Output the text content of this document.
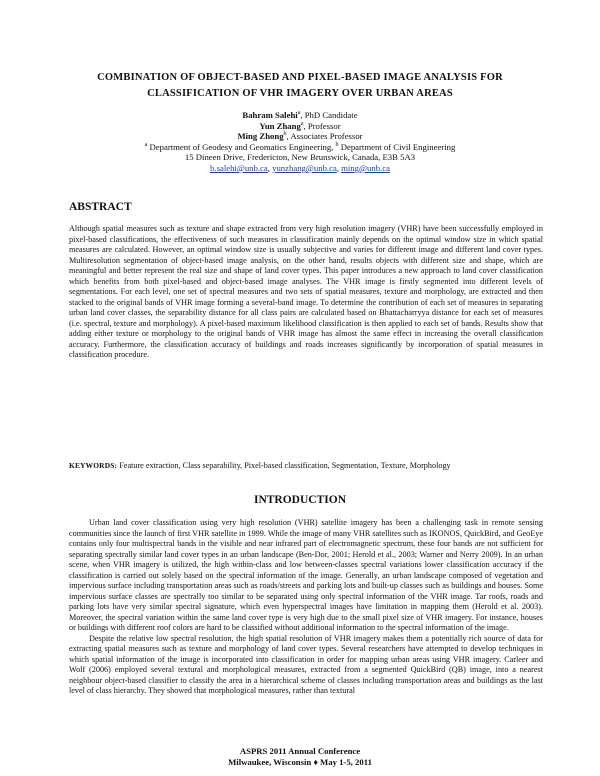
COMBINATION OF OBJECT-BASED AND PIXEL-BASED IMAGE ANALYSIS FOR
CLASSIFICATION OF VHR IMAGERY OVER URBAN AREAS
Bahram Salehi$^a$, PhD Candidate
Yun Zhang$^a$, Professor
Ming Zhong$^b$, Associates Professor
$^a$ Department of Geodesy and Geomatics Engineering, $^b$ Department of Civil Engineering
15 Dineen Drive, Fredericton, New Brunswick, Canada, E3B 5A3
b.salehi@unb.ca, yunzhang@unb.ca, ming@unb.ca
ABSTRACT

Although spatial measures such as texture and shape extracted from very high resolution imagery (VHR) have been successfully employed in pixel-based classifications, the effectiveness of such measures in classification mainly depends on the optimal window size in which spatial measures are calculated. However, an optimal window size is usually subjective and varies for different image and different land cover types. Multiresolution segmentation of object-based image analysis, on the other hand, results objects with different size and shape, which are meaningful and better represent the real size and shape of land cover types. This paper introduces a new approach to land cover classification which benefits from both pixel-based and object-based image analyses. The VHR image is firstly segmented into different levels of segmentations. For each level, one set of spectral measures and two sets of spatial measures, texture and morphology, are extracted and then stacked to the original bands of VHR image forming a several-band image. To determine the contribution of each set of measures in separating urban land cover classes, the separability distance for all class pairs are calculated based on Bhattacharryya distance for each set of measures (i.e. spectral, texture and morphology). A pixel-based maximum likelihood classification is then applied to each set of bands. Results show that adding either texture or morphology to the original bands of VHR image has almost the same effect in increasing the overall classification accuracy. Furthermore, the classification accuracy of buildings and roads increases significantly by incorporation of spatial measures in classification procedure.

KEYWORDS: Feature extraction, Class separability, Pixel-based classification, Segmentation, Texture, Morphology
INTRODUCTION

Urban land cover classification using very high resolution (VHR) satellite imagery has been a challenging task in remote sensing communities since the launch of first VHR satellite in 1999. While the image of many VHR satellites such as IKONOS, QuickBird, and GeoEye contains only four multispectral bands in the visible and near infrared part of electromagnetic spectrum, these four bands are not sufficient for separating spectrally similar land cover types in an urban landscape (Ben-Dor, 2001; Herold et al., 2003; Warner and Nerry 2009). In an urban scene, when VHR imagery is utilized, the high within-class and low between-classes spectral variations lower classification accuracy if the classification is carried out solely based on the spectral information of the image. Generally, an urban landscape composed of vegetation and impervious surface including transportation areas such as roads/streets and parking lots and built-up classes such as buildings and houses. Some impervious surface classes are spectrally too similar to be separated using only spectral information of the VHR image. Tar roofs, roads and parking lots have very similar spectral signature, which even hyperspectral images have limitation in mapping them (Herold et al. 2003). Moreover, the spectral variation within the same land cover type is very high due to the small pixel size of VHR imagery. For instance, houses or buildings with different roof colors are hard to be classified without additional information to the spectral information of the image.

Despite the relative low spectral resolution, the high spatial resolution of VHR imagery makes them a potentially rich source of data for extracting spatial measures such as texture and morphology of land cover types. Several researchers have attempted to develop techniques in which spatial information of the image is incorporated into classification in order for mapping urban areas using VHR imagery. Carleer and Wolf (2006) employed several textural and morphological measures, extracted from a segmented QuickBird (QB) image, into a nearest neighbour object-based classifier to classify the area in a hierarchical scheme of classes including transportation areas and buildings as the last level of class hierarchy. They showed that morphological measures, rather than textural

ASPRS 2011 Annual Conference
Milwaukee, Wisconsin ♦ May 1-5, 2011
